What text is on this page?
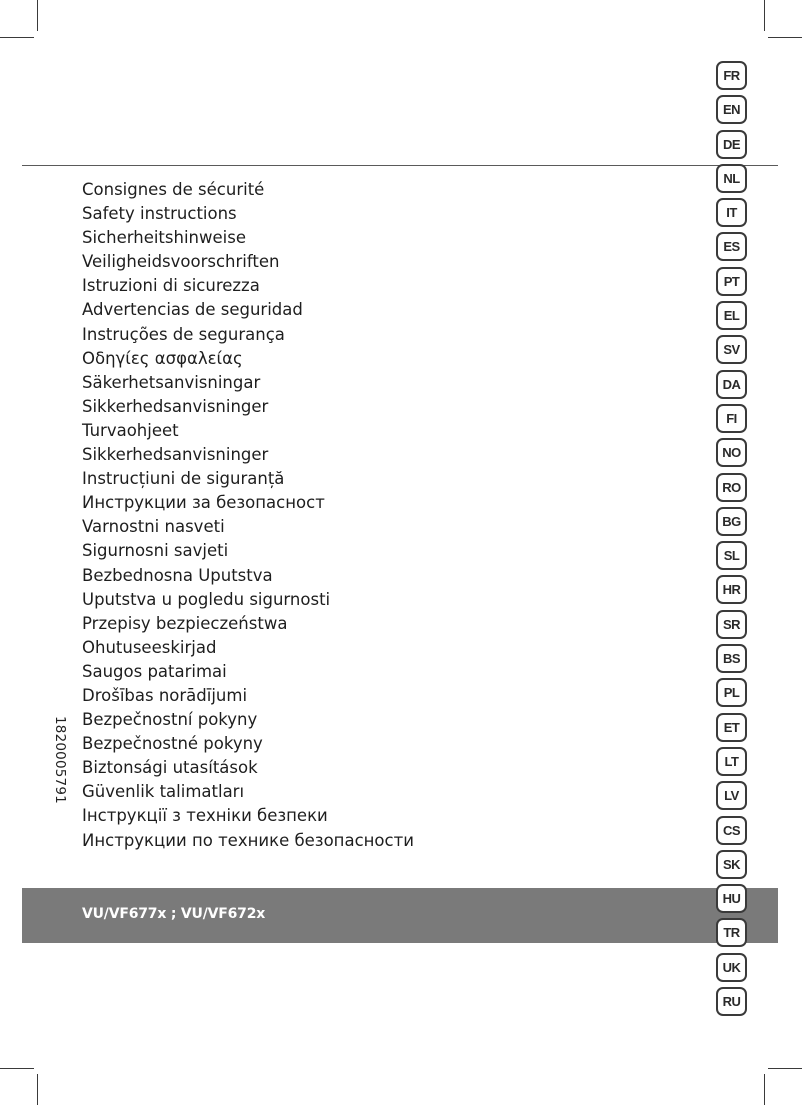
Consignes de sécurité
Safety instructions
Sicherheitshinweise
Veiligheidsvoorschriften
Istruzioni di sicurezza
Advertencias de seguridad
Instruções de segurança
Οδηγίες ασφαλείας
Säkerhetsanvisningar
Sikkerhedsanvisninger
Turvaohjeet
Sikkerhedsanvisninger
Instrucțiuni de siguranță
Инструкции за безопасност
Varnostni nasveti
Sigurnosni savjeti
Bezbednosna Uputstva
Uputstva u pogledu sigurnosti
Przepisy bezpieczeństwa
Ohutuseeskirjad
Saugos patarimai
Drošības norādījumi
Bezpečnostní pokyny
Bezpečnostné pokyny
Biztonsági utasítások
Güvenlik talimatları
Інструкції з техніки безпеки
Инструкции по технике безопасности
1820005791
VU/VF677x ; VU/VF672x
FR
EN
DE
NL
IT
ES
PT
EL
SV
DA
FI
NO
RO
BG
SL
HR
SR
BS
PL
ET
LT
LV
CS
SK
HU
TR
UK
RU
